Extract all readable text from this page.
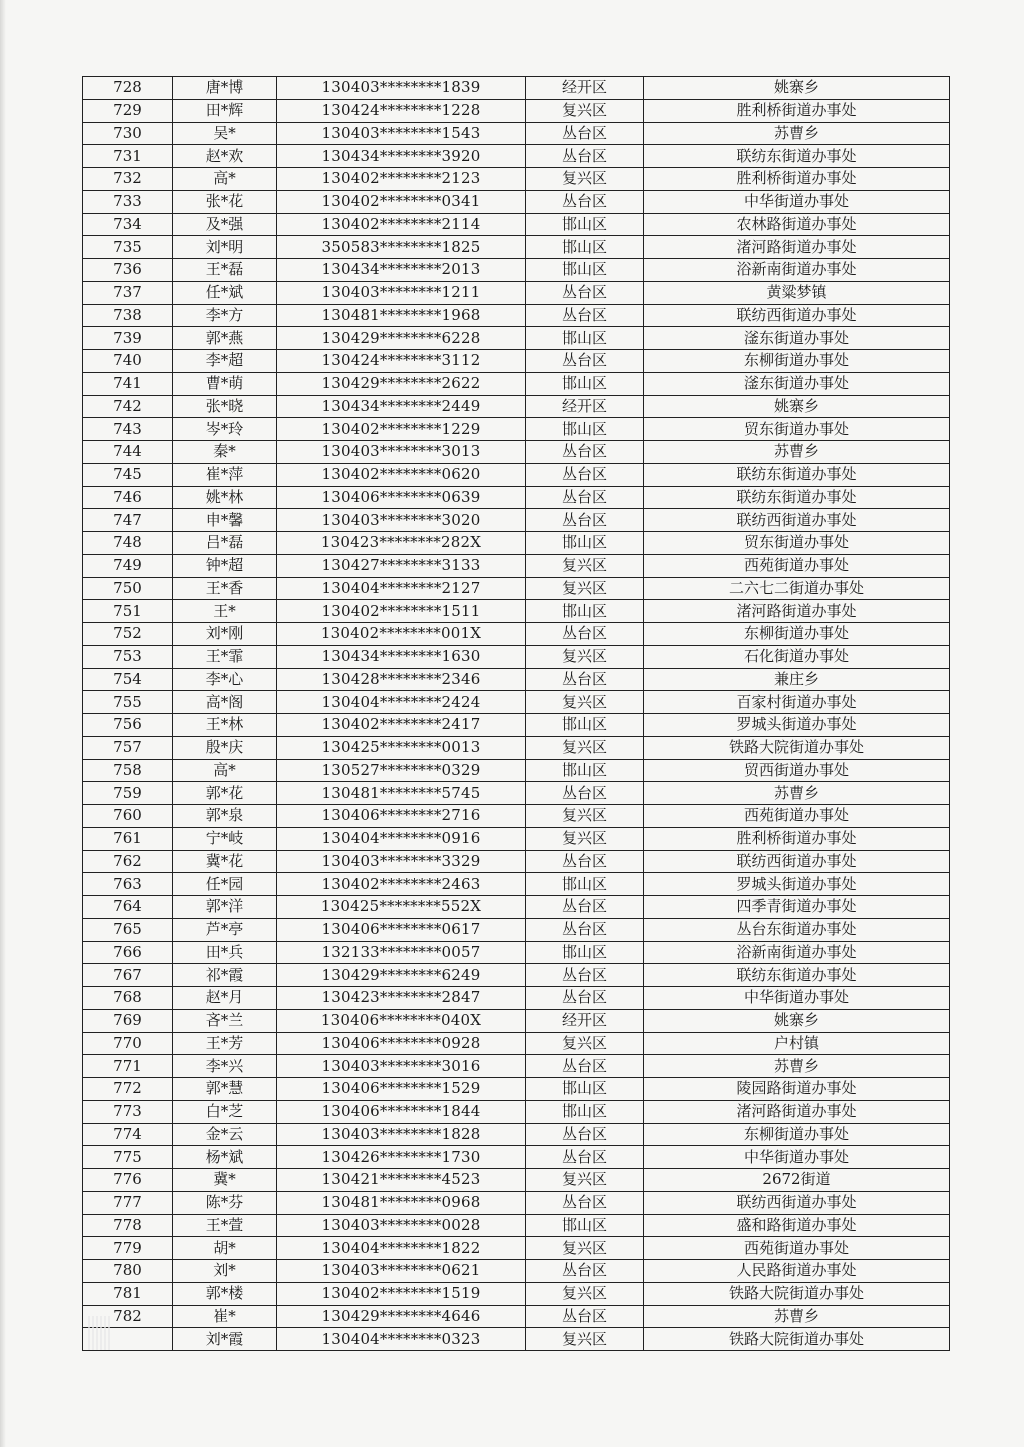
728	唐*博	130403********1839	经开区	姚寨乡
729	田*辉	130424********1228	复兴区	胜利桥街道办事处
730	吴*	130403********1543	丛台区	苏曹乡
731	赵*欢	130434********3920	丛台区	联纺东街道办事处
732	高*	130402********2123	复兴区	胜利桥街道办事处
733	张*花	130402********0341	丛台区	中华街道办事处
734	及*强	130402********2114	邯山区	农林路街道办事处
735	刘*明	350583********1825	邯山区	渚河路街道办事处
736	王*磊	130434********2013	邯山区	浴新南街道办事处
737	任*斌	130403********1211	丛台区	黄粱梦镇
738	李*方	130481********1968	丛台区	联纺西街道办事处
739	郭*燕	130429********6228	邯山区	滏东街道办事处
740	李*超	130424********3112	丛台区	东柳街道办事处
741	曹*萌	130429********2622	邯山区	滏东街道办事处
742	张*晓	130434********2449	经开区	姚寨乡
743	岑*玲	130402********1229	邯山区	贸东街道办事处
744	秦*	130403********3013	丛台区	苏曹乡
745	崔*萍	130402********0620	丛台区	联纺东街道办事处
746	姚*林	130406********0639	丛台区	联纺东街道办事处
747	申*馨	130403********3020	丛台区	联纺西街道办事处
748	吕*磊	130423********282X	邯山区	贸东街道办事处
749	钟*超	130427********3133	复兴区	西苑街道办事处
750	王*香	130404********2127	复兴区	二六七二街道办事处
751	王*	130402********1511	邯山区	渚河路街道办事处
752	刘*刚	130402********001X	丛台区	东柳街道办事处
753	王*霏	130434********1630	复兴区	石化街道办事处
754	李*心	130428********2346	丛台区	兼庄乡
755	高*阁	130404********2424	复兴区	百家村街道办事处
756	王*林	130402********2417	邯山区	罗城头街道办事处
757	殷*庆	130425********0013	复兴区	铁路大院街道办事处
758	高*	130527********0329	邯山区	贸西街道办事处
759	郭*花	130481********5745	丛台区	苏曹乡
760	郭*泉	130406********2716	复兴区	西苑街道办事处
761	宁*岐	130404********0916	复兴区	胜利桥街道办事处
762	冀*花	130403********3329	丛台区	联纺西街道办事处
763	任*园	130402********2463	邯山区	罗城头街道办事处
764	郭*洋	130425********552X	丛台区	四季青街道办事处
765	芦*亭	130406********0617	丛台区	丛台东街道办事处
766	田*兵	132133********0057	邯山区	浴新南街道办事处
767	祁*霞	130429********6249	丛台区	联纺东街道办事处
768	赵*月	130423********2847	丛台区	中华街道办事处
769	吝*兰	130406********040X	经开区	姚寨乡
770	王*芳	130406********0928	复兴区	户村镇
771	李*兴	130403********3016	丛台区	苏曹乡
772	郭*慧	130406********1529	邯山区	陵园路街道办事处
773	白*芝	130406********1844	邯山区	渚河路街道办事处
774	金*云	130403********1828	丛台区	东柳街道办事处
775	杨*斌	130426********1730	丛台区	中华街道办事处
776	冀*	130421********4523	复兴区	2672街道
777	陈*芬	130481********0968	丛台区	联纺西街道办事处
778	王*萱	130403********0028	邯山区	盛和路街道办事处
779	胡*	130404********1822	复兴区	西苑街道办事处
780	刘*	130403********0621	丛台区	人民路街道办事处
781	郭*楼	130402********1519	复兴区	铁路大院街道办事处
782	崔*	130429********4646	丛台区	苏曹乡
	刘*霞	130404********0323	复兴区	铁路大院街道办事处
